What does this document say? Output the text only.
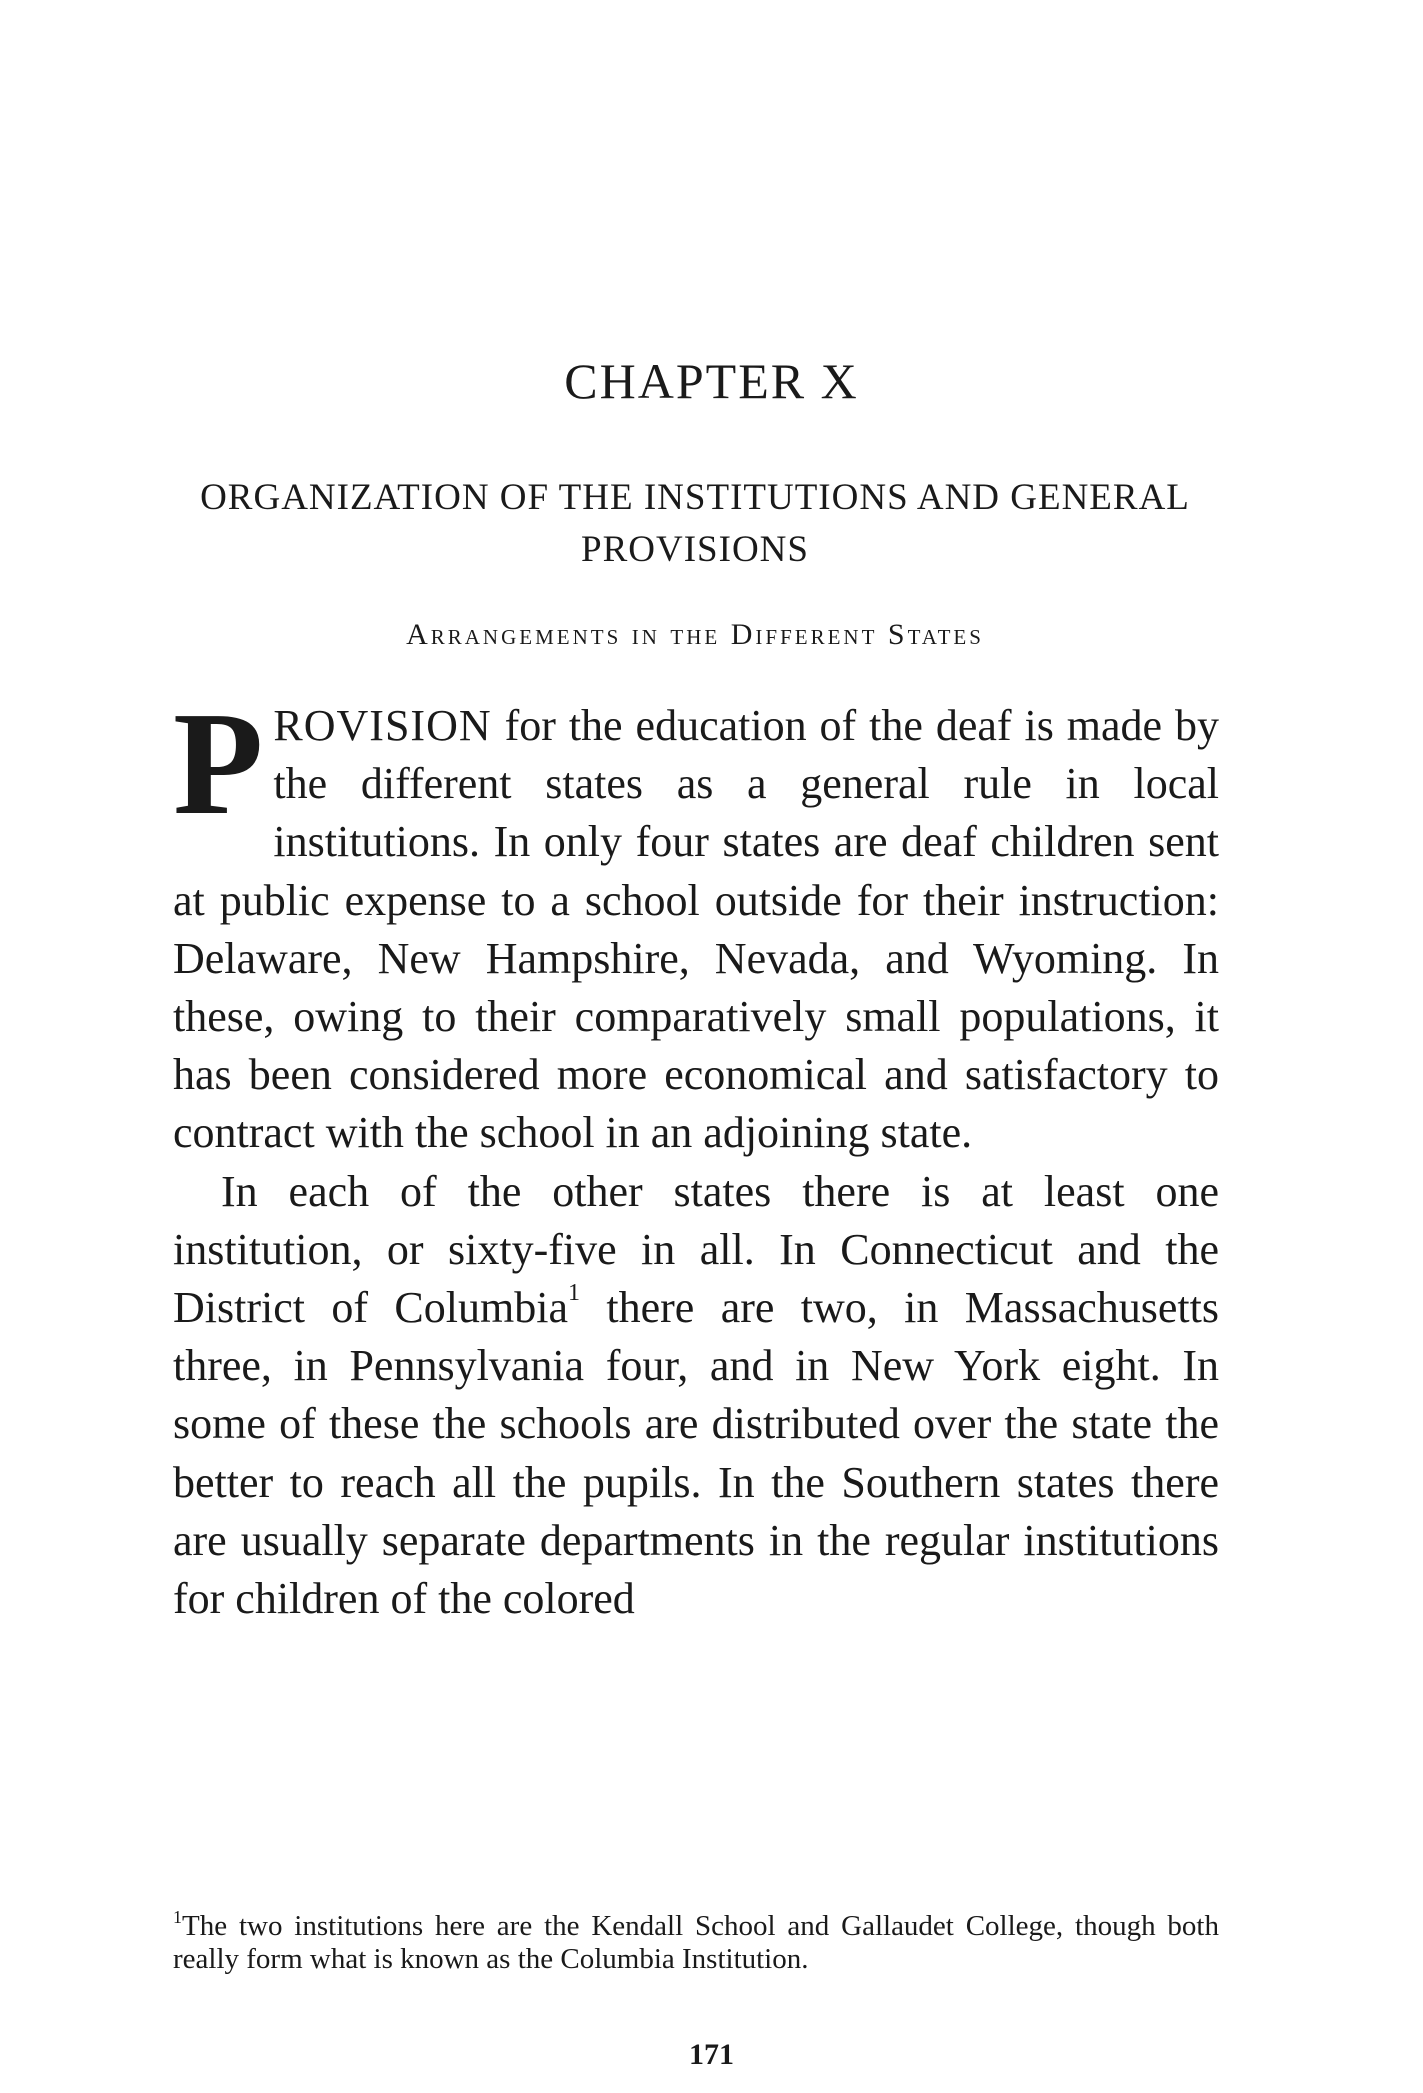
CHAPTER X
ORGANIZATION OF THE INSTITUTIONS AND GENERAL PROVISIONS
Arrangements in the Different States

PROVISION for the education of the deaf is made by the different states as a general rule in local institutions. In only four states are deaf children sent at public expense to a school outside for their instruction: Delaware, New Hampshire, Nevada, and Wyoming. In these, owing to their comparatively small populations, it has been considered more economical and satisfactory to contract with the school in an adjoining state.

In each of the other states there is at least one institution, or sixty-five in all. In Connecticut and the District of Columbia$^1$ there are two, in Massachusetts three, in Pennsylvania four, and in New York eight. In some of these the schools are distributed over the state the better to reach all the pupils. In the Southern states there are usually separate departments in the regular institutions for children of the colored

$^1$The two institutions here are the Kendall School and Gallaudet College, though both really form what is known as the Columbia Institution.

171
